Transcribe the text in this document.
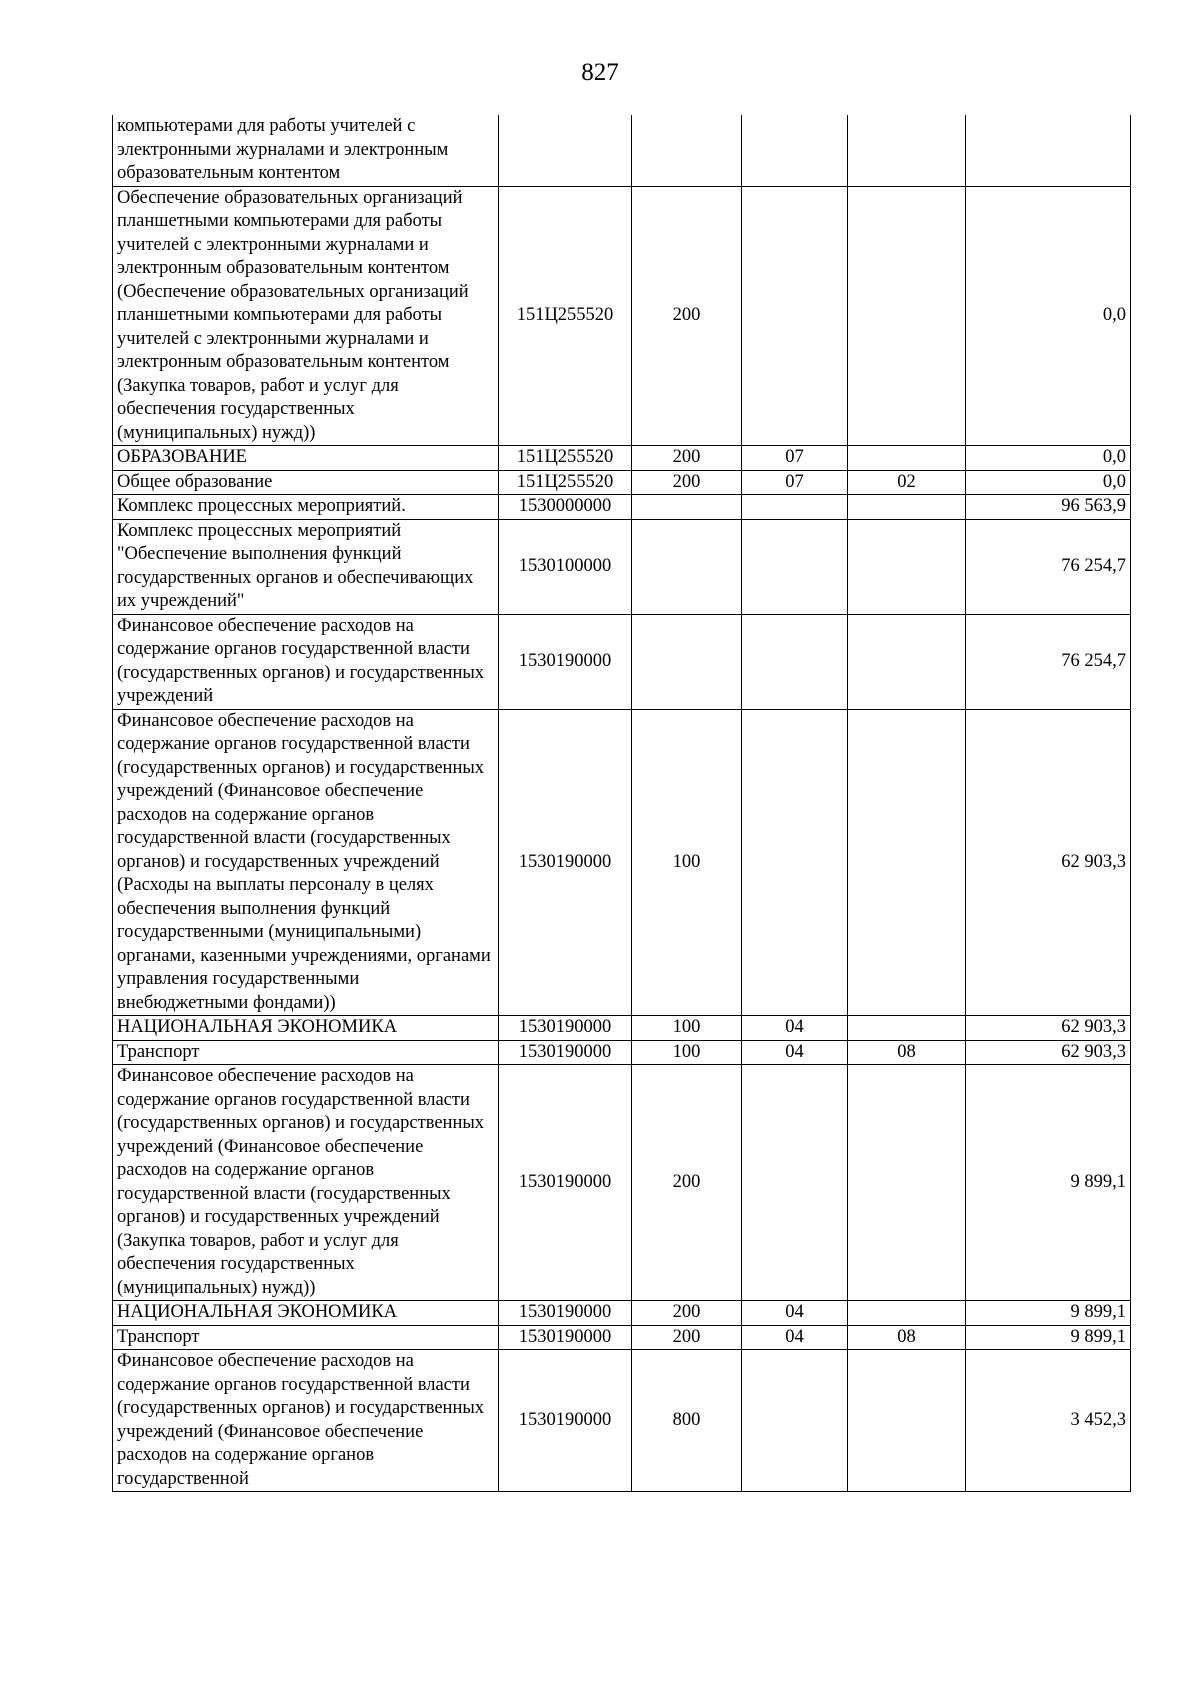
827
компьютерами для работы учителей с электронными журналами и электронным образовательным контентом					
Обеспечение образовательных организаций планшетными компьютерами для работы учителей с электронными журналами и электронным образовательным контентом (Обеспечение образовательных организаций планшетными компьютерами для работы учителей с электронными журналами и электронным образовательным контентом (Закупка товаров, работ и услуг для обеспечения государственных (муниципальных) нужд))	151Ц255520	200			0,0
ОБРАЗОВАНИЕ	151Ц255520	200	07		0,0
Общее образование	151Ц255520	200	07	02	0,0
Комплекс процессных мероприятий.	1530000000				96 563,9
Комплекс процессных мероприятий "Обеспечение выполнения функций государственных органов и обеспечивающих их учреждений"	1530100000				76 254,7
Финансовое обеспечение расходов на содержание органов государственной власти (государственных органов) и государственных учреждений	1530190000				76 254,7
Финансовое обеспечение расходов на содержание органов государственной власти (государственных органов) и государственных учреждений (Финансовое обеспечение расходов на содержание органов государственной власти (государственных органов) и государственных учреждений (Расходы на выплаты персоналу в целях обеспечения выполнения функций государственными (муниципальными) органами, казенными учреждениями, органами управления государственными внебюджетными фондами))	1530190000	100			62 903,3
НАЦИОНАЛЬНАЯ ЭКОНОМИКА	1530190000	100	04		62 903,3
Транспорт	1530190000	100	04	08	62 903,3
Финансовое обеспечение расходов на содержание органов государственной власти (государственных органов) и государственных учреждений (Финансовое обеспечение расходов на содержание органов государственной власти (государственных органов) и государственных учреждений (Закупка товаров, работ и услуг для обеспечения государственных (муниципальных) нужд))	1530190000	200			9 899,1
НАЦИОНАЛЬНАЯ ЭКОНОМИКА	1530190000	200	04		9 899,1
Транспорт	1530190000	200	04	08	9 899,1
Финансовое обеспечение расходов на содержание органов государственной власти (государственных органов) и государственных учреждений (Финансовое обеспечение расходов на содержание органов государственной	1530190000	800			3 452,3
